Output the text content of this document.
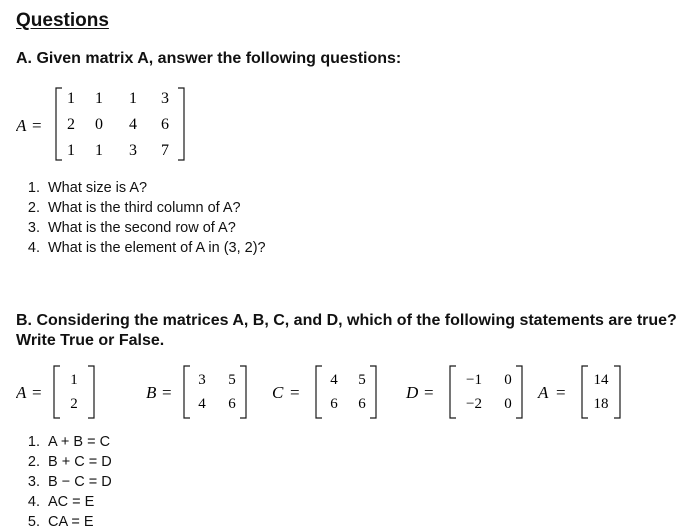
Questions
A. Given matrix A, answer the following questions:
A =
1 1 1 3
2 0 4 6
1 1 3 7
1. What size is A?
2. What is the third column of A?
3. What is the second row of A?
4. What is the element of A in (3, 2)?
B. Considering the matrices A, B, C, and D, which of the following statements are true?
Write True or False.
A =
1
2
B =
3 5
4 6
C =
4 5
6 6
D =
−1 0
−2 0
A =
14
18
1. A + B = C
2. B + C = D
3. B − C = D
4. AC = E
5. CA = E
